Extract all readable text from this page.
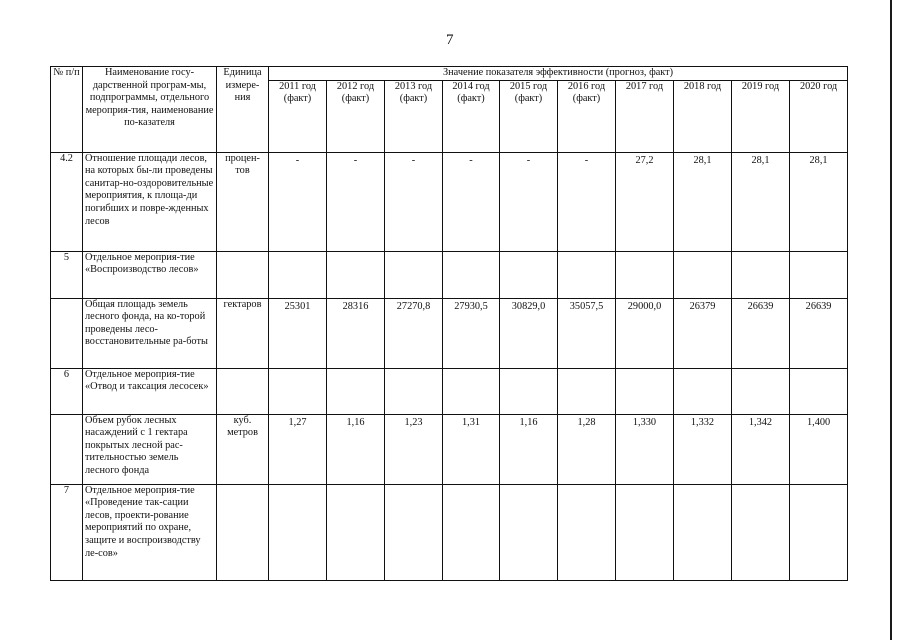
7
№ п/п	Наименование госу-дарственной програм-мы, подпрограммы, отдельного мероприя-тия, наименование по-казателя	Единица измере-ния	Значение показателя эффективности (прогноз, факт)									
			2011 год (факт)	2012 год (факт)	2013 год (факт)	2014 год (факт)	2015 год (факт)	2016 год (факт)	2017 год	2018 год	2019 год	2020 год
4.2	Отношение площади лесов, на которых бы-ли проведены санитар-но-оздоровительные мероприятия, к площа-ди погибших и повре-жденных лесов	процен-тов	-	-	-	-	-	-	27,2	28,1	28,1	28,1
5	Отдельное мероприя-тие «Воспроизводство лесов»											
	Общая площадь земель лесного фонда, на ко-торой проведены лесо-восстановительные ра-боты	гектаров	25301	28316	27270,8	27930,5	30829,0	35057,5	29000,0	26379	26639	26639
6	Отдельное мероприя-тие «Отвод и таксация лесосек»											
	Объем рубок лесных насаждений с 1 гектара покрытых лесной рас-тительностью земель лесного фонда	куб. метров	1,27	1,16	1,23	1,31	1,16	1,28	1,330	1,332	1,342	1,400
7	Отдельное мероприя-тие «Проведение так-сации лесов, проекти-рование мероприятий по охране, защите и воспроизводству ле-сов»											
